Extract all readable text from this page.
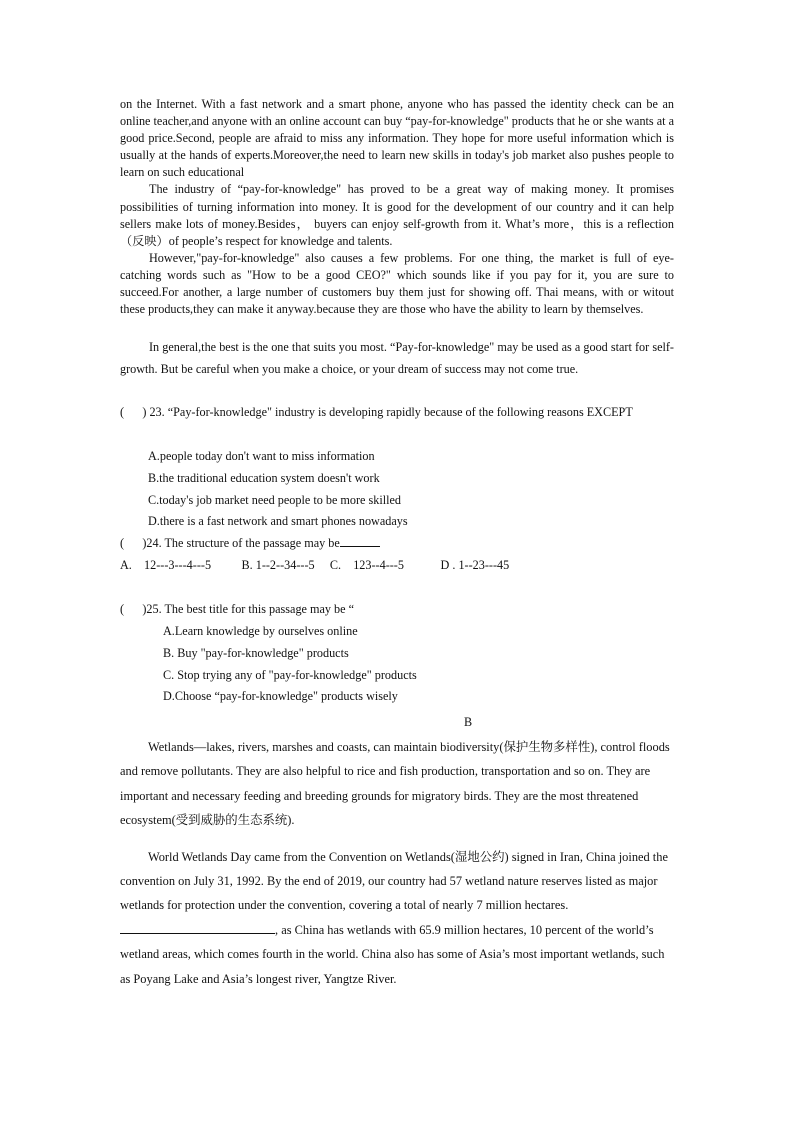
on the Internet. With a fast network and a smart phone, anyone who has passed the identity check can be an online teacher,and anyone with an online account can buy “pay-for-knowledge" products that he or she wants at a good price.Second, people are afraid to miss any information. They hope for more useful information which is usually at the hands of experts.Moreover,the need to learn new skills in today's job market also pushes people to learn on such educational

The industry of “pay-for-knowledge" has proved to be a great way of making money. It promises possibilities of turning information into money. It is good for the development of our country and it can help sellers make lots of money.Besides， buyers can enjoy self-growth from it. What’s more，this is a reflection （反映）of people’s respect for knowledge and talents.

However,"pay-for-knowledge" also causes a few problems. For one thing, the market is full of eye-catching words such as "How to be a good CEO?" which sounds like if you pay for it, you are sure to succeed.For another, a large number of customers buy them just for showing off. Thai means, with or witout these products,they can make it anyway.because they are those who have the ability to learn by themselves.

In general,the best is the one that suits you most. “Pay-for-knowledge" may be used as a good start for self-growth. But be careful when you make a choice, or your dream of success may not come true.

(      ) 23. “Pay-for-knowledge" industry is developing rapidly because of the following reasons EXCEPT
A.people today don't want to miss information
B.the traditional education system doesn't work
C.today's job market need people to be more skilled
D.there is a fast network and smart phones nowadays
(      )24. The structure of the passage may be
A.    12---3---4---5          B. 1--2--34---5     C.    123--4---5            D . 1--23---45
(      )25. The best title for this passage may be “
A.Learn knowledge by ourselves online
B. Buy "pay-for-knowledge" products
C. Stop trying any of "pay-for-knowledge" products
D.Choose “pay-for-knowledge" products wisely
B

Wetlands—lakes, rivers, marshes and coasts, can maintain biodiversity(保护生物多样性), control floods and remove pollutants. They are also helpful to rice and fish production, transportation and so on. They are important and necessary feeding and breeding grounds for migratory birds. They are the most threatened ecosystem(受到威胁的生态系统).

World Wetlands Day came from the Convention on Wetlands(湿地公约) signed in Iran, China joined the convention on July 31, 1992. By the end of 2019, our country had 57 wetland nature reserves listed as major wetlands for protection under the convention, covering a total of nearly 7 million hectares. , as China has wetlands with 65.9 million hectares, 10 percent of the world’s wetland areas, which comes fourth in the world. China also has some of Asia’s most important wetlands, such as Poyang Lake and Asia’s longest river, Yangtze River.
